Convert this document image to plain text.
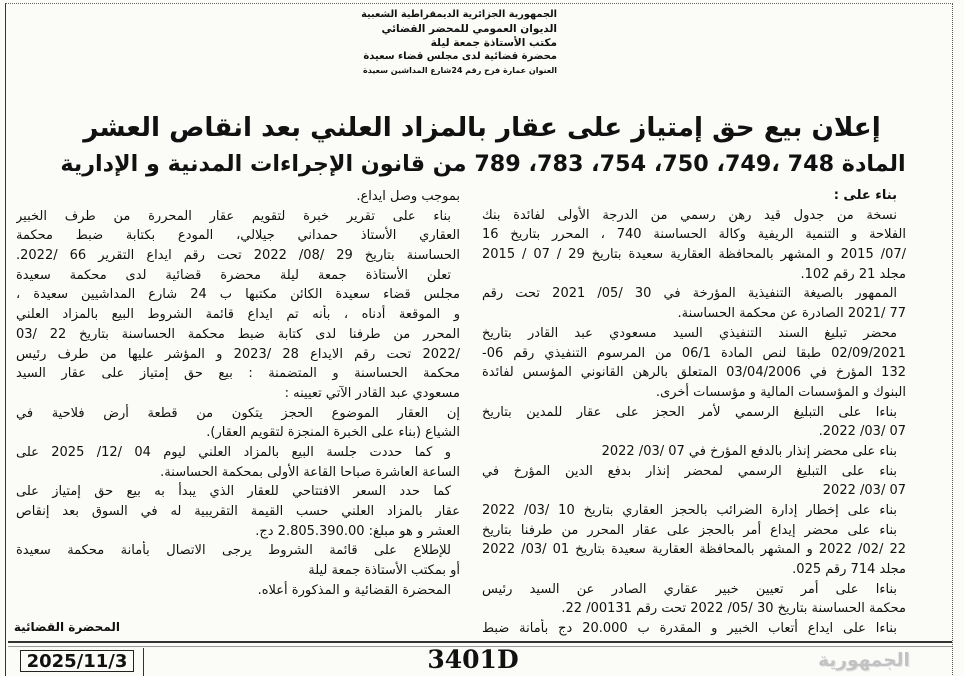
الجمهورية الجزائرية الديمقراطية الشعبية
الديوان العمومي للمحضر القضائي
مكتب الأستاذة جمعة ليلة
محضرة قضائية لدى مجلس قضاء سعيدة
العنوان عمارة فرح رقم 24شارع المداشين سعيدة
إعلان بيع حق إمتياز على عقار بالمزاد العلني بعد انقاص العشر
المادة 748 ،749، 750، 754، 783، 789 من قانون الإجراءات المدنية و الإدارية
بناء على :
نسخة من جدول قيد رهن رسمي من الدرجة الأولى لفائدة بنك
الفلاحة و التنمية الريفية وكالة الحساسنة 740 ، المحرر بتاريخ 16
/07/ 2015 و المشهر بالمحافظة العقارية سعيدة بتاريخ 29 / 07 / 2015
مجلد 21 رقم 102.
الممهور بالصيغة التنفيذية المؤرخة في 30 /05/ 2021 تحت رقم
77 /2021 الصادرة عن محكمة الحساسنة.
محضر تبليغ السند التنفيذي السيد مسعودي عبد القادر بتاريخ
02/09/2021 طبقا لنص المادة 06/1 من المرسوم التنفيذي رقم 06-
132 المؤرخ في 03/04/2006 المتعلق بالرهن القانوني المؤسس لفائدة
البنوك و المؤسسات المالية و مؤسسات أخرى.
بناءا على التبليغ الرسمي لأمر الحجز على عقار للمدين بتاريخ
07 /03/ 2022.
بناء على محضر إنذار بالدفع المؤرخ في 07 /03/ 2022
بناء على التبليغ الرسمي لمحضر إنذار بدفع الدين المؤرخ في
07 /03/ 2022
بناء على إخطار إدارة الضرائب بالحجز العقاري بتاريخ 10 /03/ 2022
بناء على محضر إيداع أمر بالحجز على عقار المحرر من طرفنا بتاريخ
22 /02/ 2022 و المشهر بالمحافظة العقارية سعيدة بتاريخ 01 /03/ 2022
مجلد 714 رقم 025.
بناءا على أمر تعيين خبير عقاري الصادر عن السيد رئيس
محكمة الحساسنة بتاريخ 30 /05/ 2022 تحت رقم 00131/ 22.
بناءا على ايداع أتعاب الخبير و المقدرة ب 20.000 دج بأمانة ضبط
بموجب وصل ايداع.
بناء على تقرير خبرة لتقويم عقار المحررة من طرف الخبير
العقاري الأستاذ حمداني جيلالي، المودع بكتابة ضبط محكمة
الحساسنة بتاريخ 29 /08/ 2022 تحت رقم ايداع التقرير 66 /2022.
تعلن الأستاذة جمعة ليلة محضرة قضائية لدى محكمة سعيدة
مجلس قضاء سعيدة الكائن مكتبها ب 24 شارع المداشيين سعيدة ،
و الموقعة أدناه ، بأنه تم ايداع قائمة الشروط البيع بالمزاد العلني
المحرر من طرفنا لدى كتابة ضبط محكمة الحساسنة بتاريخ 22 /03
/2022 تحت رقم الايداع 28 /2023 و المؤشر عليها من طرف رئيس
محكمة الحساسنة و المتضمنة : بيع حق إمتياز على عقار السيد
مسعودي عبد القادر الآتي تعيينه :
إن العقار الموضوع الحجز يتكون من قطعة أرض فلاحية في
الشياع (بناء على الخبرة المنجزة لتقويم العقار).
و كما حددت جلسة البيع بالمزاد العلني ليوم 04 /12/ 2025 على
الساعة العاشرة صباحا القاعة الأولى بمحكمة الحساسنة.
كما حدد السعر الافتتاحي للعقار الذي يبدأ به بيع حق إمتياز على
عقار بالمزاد العلني حسب القيمة التقريبية له في السوق بعد إنقاص
العشر و هو مبلغ: 2.805.390.00 دج.
للإطلاع على قائمة الشروط يرجى الاتصال بأمانة محكمة سعيدة
أو بمكتب الأستاذة جمعة ليلة
المحضرة القضائية و المذكورة أعلاه.
المحضرة القضائية
2025/11/3	3401D	الجمهورية
